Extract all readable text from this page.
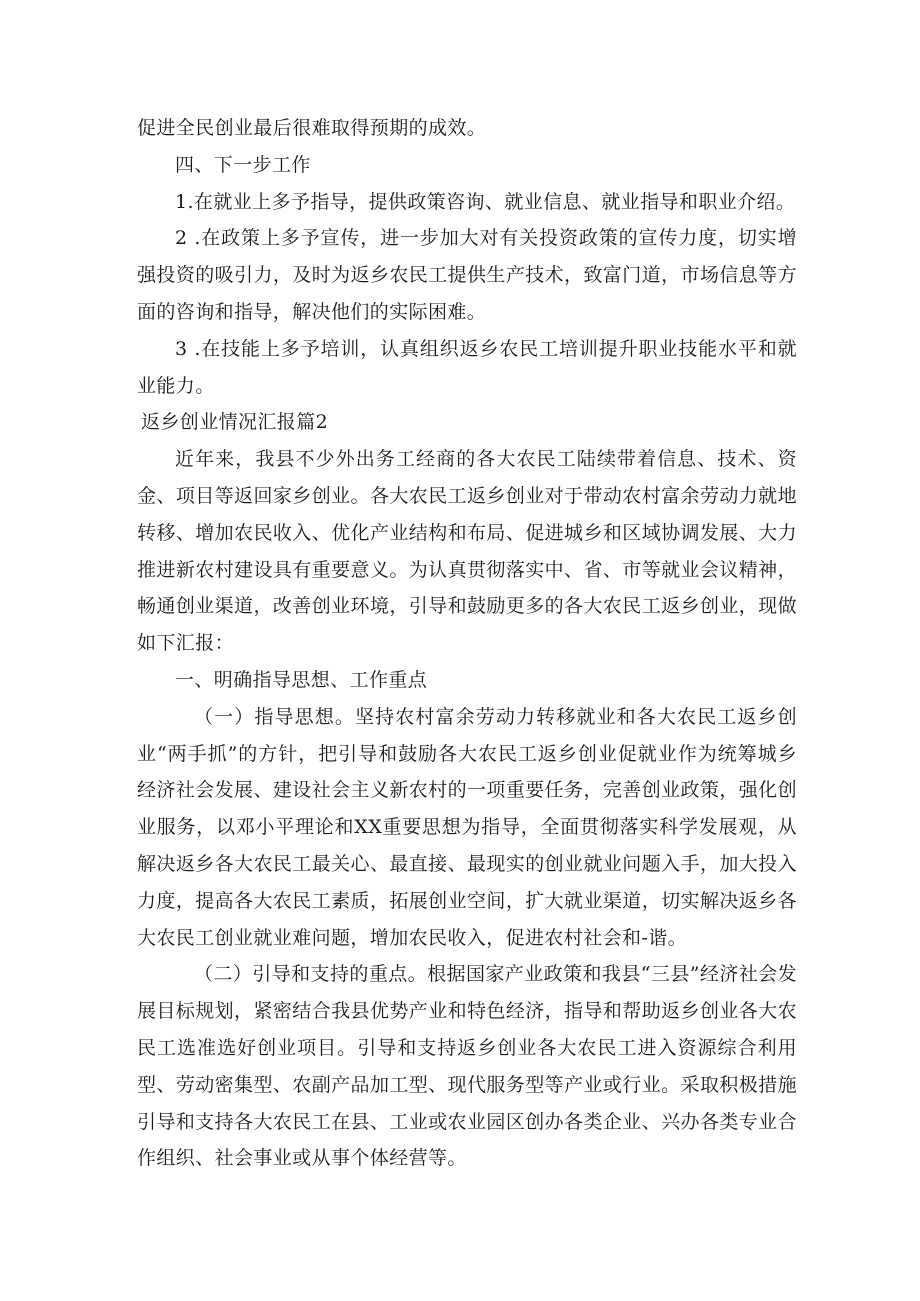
促进全民创业最后很难取得预期的成效。

四、下一步工作

1.在就业上多予指导，提供政策咨询、就业信息、就业指导和职业介绍。

2 .在政策上多予宣传，进一步加大对有关投资政策的宣传力度，切实增强投资的吸引力，及时为返乡农民工提供生产技术，致富门道，市场信息等方面的咨询和指导，解决他们的实际困难。

3 .在技能上多予培训，认真组织返乡农民工培训提升职业技能水平和就业能力。

返乡创业情况汇报篇2

近年来，我县不少外出务工经商的各大农民工陆续带着信息、技术、资金、项目等返回家乡创业。各大农民工返乡创业对于带动农村富余劳动力就地转移、增加农民收入、优化产业结构和布局、促进城乡和区域协调发展、大力推进新农村建设具有重要意义。为认真贯彻落实中、省、市等就业会议精神，畅通创业渠道，改善创业环境，引导和鼓励更多的各大农民工返乡创业，现做如下汇报：

一、明确指导思想、工作重点

（一）指导思想。坚持农村富余劳动力转移就业和各大农民工返乡创业“两手抓”的方针，把引导和鼓励各大农民工返乡创业促就业作为统筹城乡经济社会发展、建设社会主义新农村的一项重要任务，完善创业政策，强化创业服务，以邓小平理论和XX重要思想为指导，全面贯彻落实科学发展观，从解决返乡各大农民工最关心、最直接、最现实的创业就业问题入手，加大投入力度，提高各大农民工素质，拓展创业空间，扩大就业渠道，切实解决返乡各大农民工创业就业难问题，增加农民收入，促进农村社会和-谐。

（二）引导和支持的重点。根据国家产业政策和我县“三县”经济社会发展目标规划，紧密结合我县优势产业和特色经济，指导和帮助返乡创业各大农民工选准选好创业项目。引导和支持返乡创业各大农民工进入资源综合利用型、劳动密集型、农副产品加工型、现代服务型等产业或行业。采取积极措施引导和支持各大农民工在县、工业或农业园区创办各类企业、兴办各类专业合作组织、社会事业或从事个体经营等。
